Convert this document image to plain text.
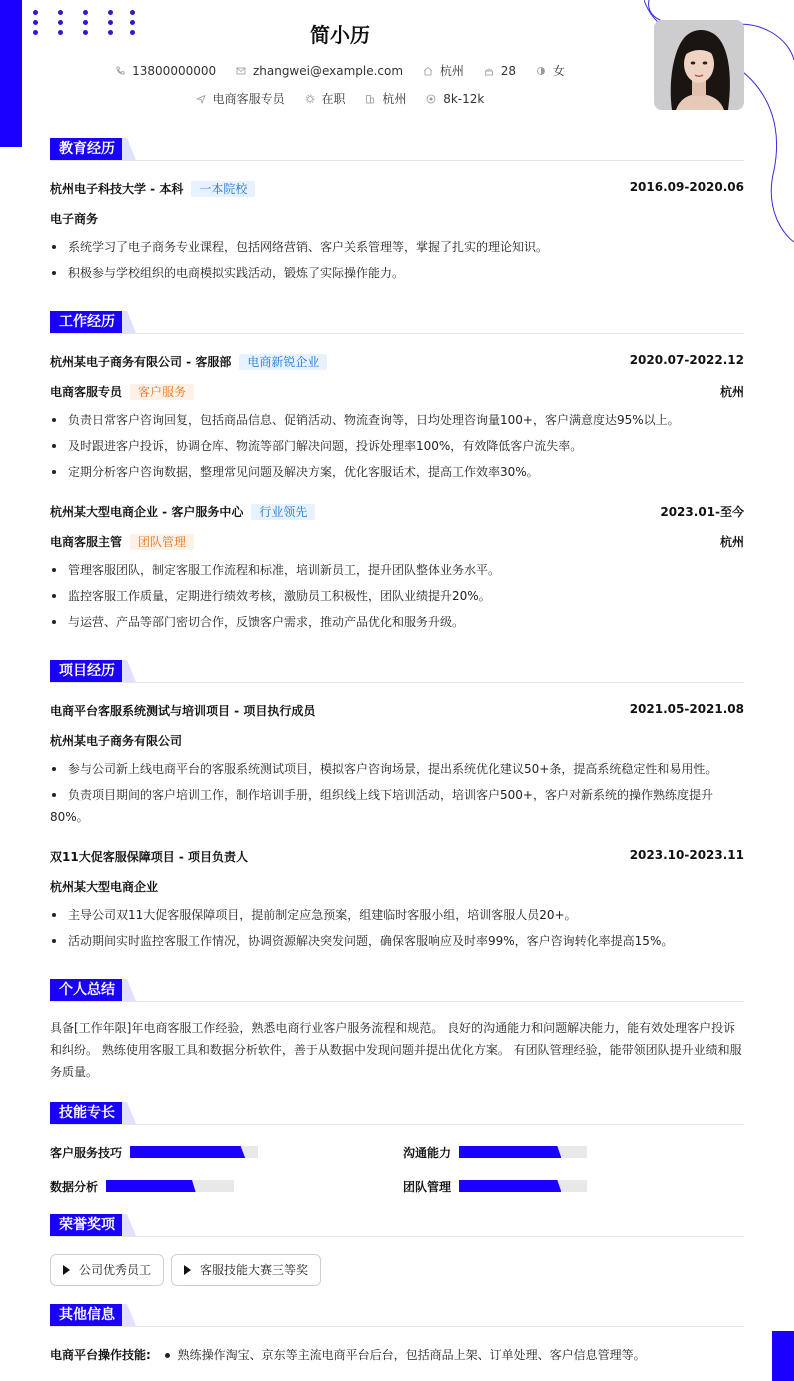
简小历
13800000000	zhangwei@example.com	杭州	28	女
电商客服专员	在职	杭州	8k-12k
教育经历
杭州电子科技大学 - 本科 一本院校	2016.09-2020.06
电子商务
系统学习了电子商务专业课程，包括网络营销、客户关系管理等，掌握了扎实的理论知识。
积极参与学校组织的电商模拟实践活动，锻炼了实际操作能力。
工作经历
杭州某电子商务有限公司 - 客服部 电商新锐企业	2020.07-2022.12
电商客服专员 客户服务	杭州
负责日常客户咨询回复，包括商品信息、促销活动、物流查询等，日均处理咨询量100+，客户满意度达95%以上。
及时跟进客户投诉，协调仓库、物流等部门解决问题，投诉处理率100%，有效降低客户流失率。
定期分析客户咨询数据，整理常见问题及解决方案，优化客服话术，提高工作效率30%。
杭州某大型电商企业 - 客户服务中心 行业领先	2023.01-至今
电商客服主管 团队管理	杭州
管理客服团队，制定客服工作流程和标准，培训新员工，提升团队整体业务水平。
监控客服工作质量，定期进行绩效考核，激励员工积极性，团队业绩提升20%。
与运营、产品等部门密切合作，反馈客户需求，推动产品优化和服务升级。
项目经历
电商平台客服系统测试与培训项目 - 项目执行成员	2021.05-2021.08
杭州某电子商务有限公司
参与公司新上线电商平台的客服系统测试项目，模拟客户咨询场景，提出系统优化建议50+条，提高系统稳定性和易用性。
负责项目期间的客户培训工作，制作培训手册，组织线上线下培训活动，培训客户500+，客户对新系统的操作熟练度提升
80%。
双11大促客服保障项目 - 项目负责人	2023.10-2023.11
杭州某大型电商企业
主导公司双11大促客服保障项目，提前制定应急预案，组建临时客服小组，培训客服人员20+。
活动期间实时监控客服工作情况，协调资源解决突发问题，确保客服响应及时率99%，客户咨询转化率提高15%。
个人总结
具备[工作年限]年电商客服工作经验，熟悉电商行业客户服务流程和规范。 良好的沟通能力和问题解决能力，能有效处理客户投诉
和纠纷。 熟练使用客服工具和数据分析软件，善于从数据中发现问题并提出优化方案。 有团队管理经验，能带领团队提升业绩和服
务质量。
技能专长
客户服务技巧	沟通能力
数据分析	团队管理
荣誉奖项
公司优秀员工	客服技能大赛三等奖
其他信息
电商平台操作技能: 熟练操作淘宝、京东等主流电商平台后台，包括商品上架、订单处理、客户信息管理等。
